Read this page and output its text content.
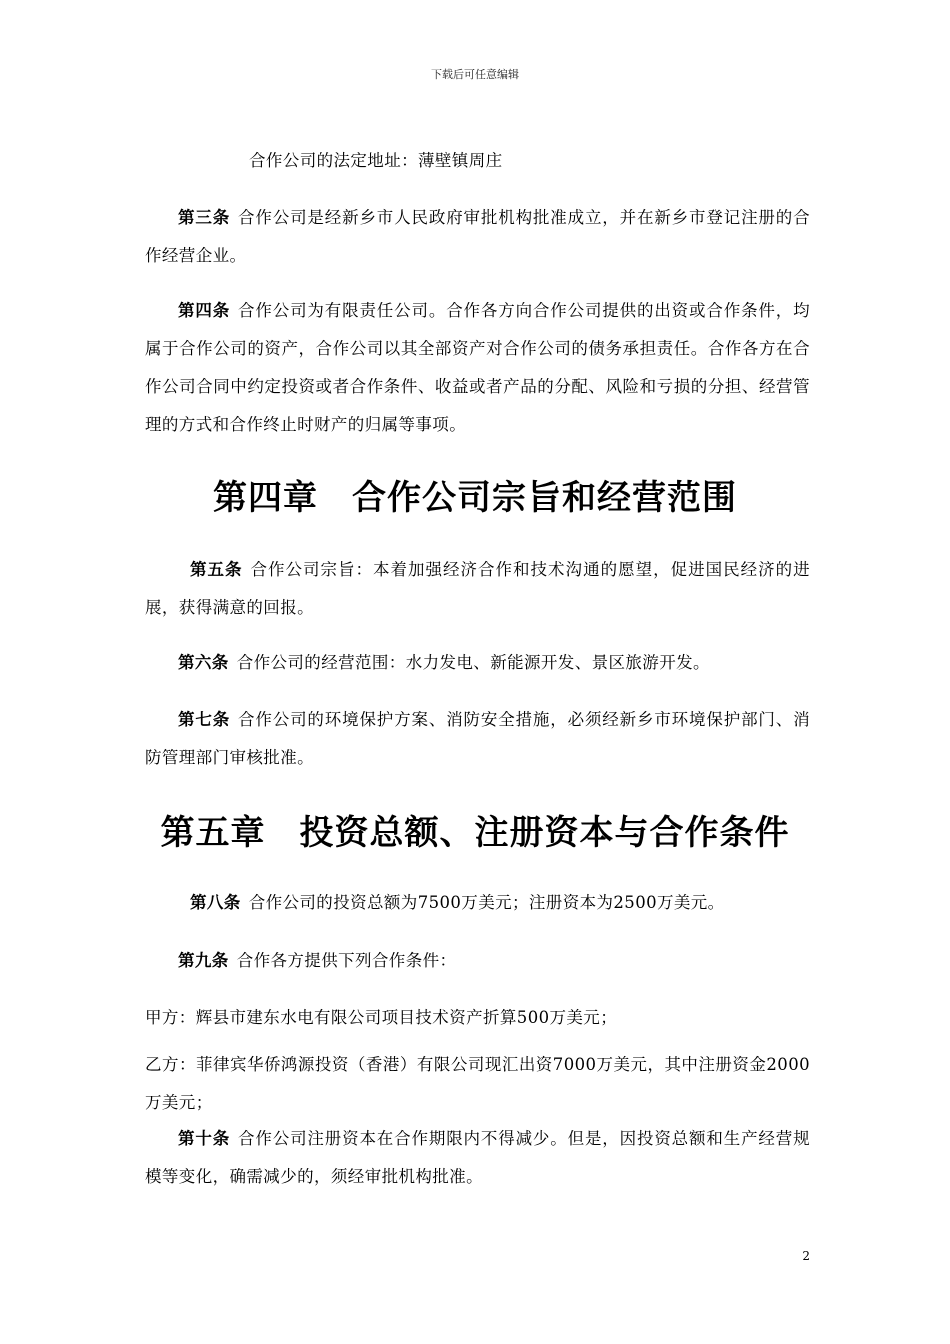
下载后可任意编辑

合作公司的法定地址：薄壁镇周庄

第三条 合作公司是经新乡市人民政府审批机构批准成立，并在新乡市登记注册的合作经营企业。

第四条 合作公司为有限责任公司。合作各方向合作公司提供的出资或合作条件，均属于合作公司的资产，合作公司以其全部资产对合作公司的债务承担责任。合作各方在合作公司合同中约定投资或者合作条件、收益或者产品的分配、风险和亏损的分担、经营管理的方式和合作终止时财产的归属等事项。

第四章 合作公司宗旨和经营范围

第五条 合作公司宗旨：本着加强经济合作和技术沟通的愿望，促进国民经济的进展，获得满意的回报。

第六条 合作公司的经营范围：水力发电、新能源开发、景区旅游开发。

第七条 合作公司的环境保护方案、消防安全措施，必须经新乡市环境保护部门、消防管理部门审核批准。

第五章 投资总额、注册资本与合作条件

第八条 合作公司的投资总额为7500万美元；注册资本为2500万美元。

第九条 合作各方提供下列合作条件：

甲方：辉县市建东水电有限公司项目技术资产折算500万美元；

乙方：菲律宾华侨鸿源投资（香港）有限公司现汇出资7000万美元，其中注册资金2000万美元；

第十条 合作公司注册资本在合作期限内不得减少。但是，因投资总额和生产经营规模等变化，确需减少的，须经审批机构批准。

2
